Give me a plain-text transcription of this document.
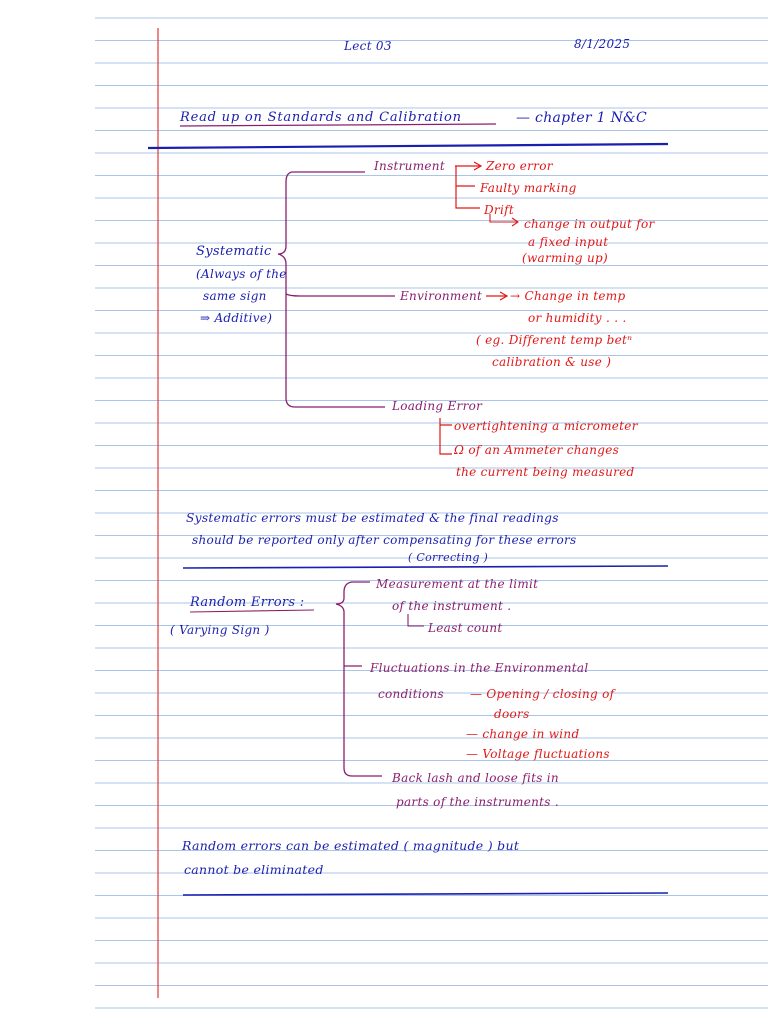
Lect 03	8/1/2025
Read up on Standards and Calibration	— chapter 1 N&C
Systematic
(Always of the
same sign
⇒ Additive)
Instrument	Zero error
Faulty marking
Drift
change in output for
a fixed input
(warming up)
Environment → Change in temp
or humidity . . .
( eg. Different temp betⁿ
calibration & use )
Loading Error
overtightening a micrometer
Ω of an Ammeter changes
the current being measured
Systematic errors must be estimated & the final readings
should be reported only after compensating for these errors
( Correcting )
Random Errors :
( Varying Sign )
Measurement at the limit
of the instrument .
Least count
Fluctuations in the Environmental
conditions — Opening / closing of
doors
— change in wind
— Voltage fluctuations
Back lash and loose fits in
parts of the instruments .
Random errors can be estimated ( magnitude ) but
cannot be eliminated
